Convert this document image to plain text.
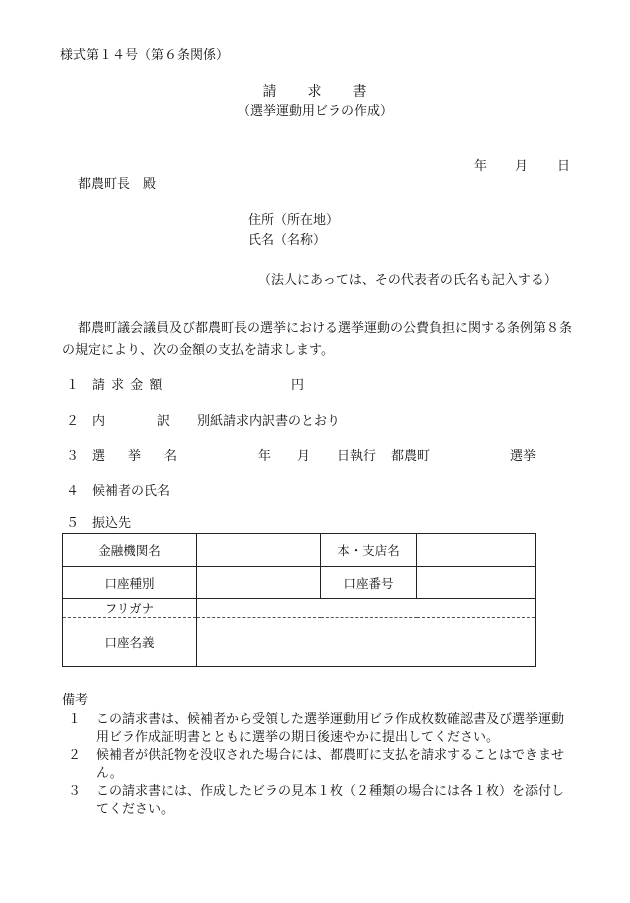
様式第１４号（第６条関係）
請　　求　　書
（選挙運動用ビラの作成）
年 月 日
都農町長　殿
住所（所在地）
氏名（名称）
（法人にあっては、その代表者の氏名も記入する）
都農町議会議員及び都農町長の選挙における選挙運動の公費負担に関する条例第８条の規定により、次の金額の支払を請求します。
１ 請 求 金 額	円
２ 内	訳 別紙請求内訳書のとおり
３ 選 挙 名	年 月 日執行 都農町	選挙
４ 候補者の氏名
５ 振込先
金融機関名		本・支店名	
口座種別		口座番号	
フリガナ			
口座名義			
備考
１	この請求書は、候補者から受領した選挙運動用ビラ作成枚数確認書及び選挙運動用ビラ作成証明書とともに選挙の期日後速やかに提出してください。
２	候補者が供託物を没収された場合には、都農町に支払を請求することはできません。
３	この請求書には、作成したビラの見本１枚（２種類の場合には各１枚）を添付してください。
